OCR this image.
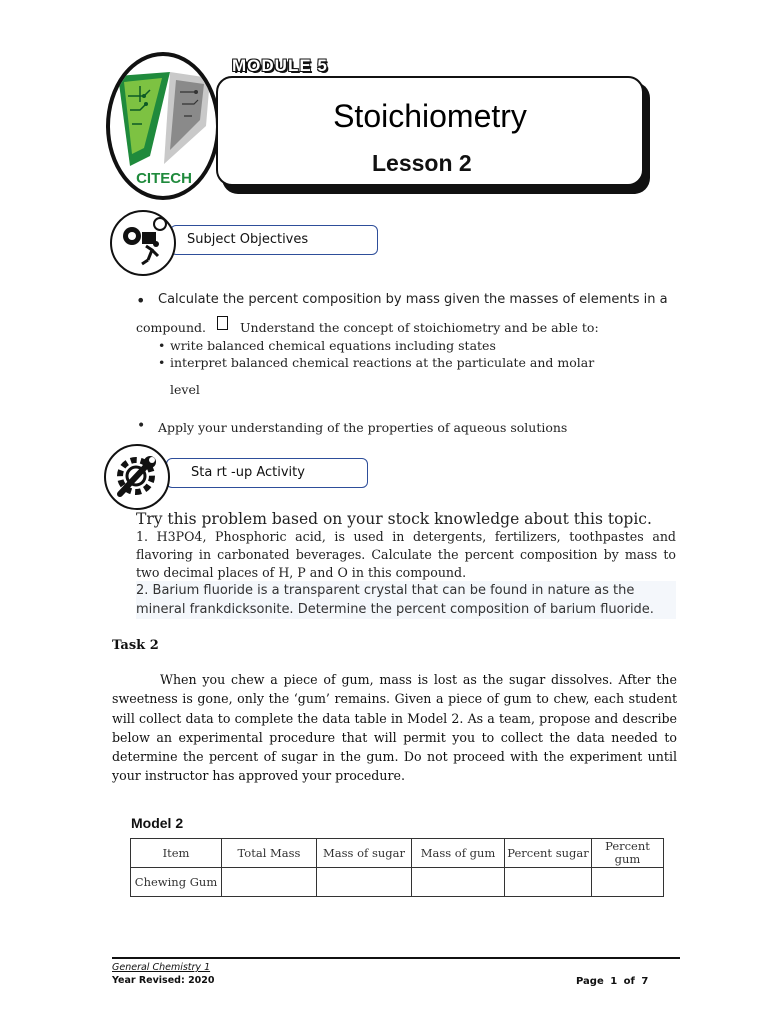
CITECH
MODULE 5
Stoichiometry
Lesson 2
Subject Objectives
• Calculate the percent composition by mass given the masses of elements in a
compound.	Understand the concept of stoichiometry and be able to:
• write balanced chemical equations including states
• interpret balanced chemical reactions at the particulate and molar
level
• Apply your understanding of the properties of aqueous solutions
Sta rt -up Activity
Try this problem based on your stock knowledge about this topic.
1. H3PO4, Phosphoric acid, is used in detergents, fertilizers, toothpastes and flavoring in carbonated beverages. Calculate the percent composition by mass to two decimal places of H, P and O in this compound.
2. Barium fluoride is a transparent crystal that can be found in nature as the mineral frankdicksonite. Determine the percent composition of barium fluoride.
Task 2
When you chew a piece of gum, mass is lost as the sugar dissolves. After the sweetness is gone, only the ‘gum’ remains. Given a piece of gum to chew, each student will collect data to complete the data table in Model 2. As a team, propose and describe below an experimental procedure that will permit you to collect the data needed to determine the percent of sugar in the gum. Do not proceed with the experiment until your instructor has approved your procedure.
Model 2
Item	Total Mass	Mass of sugar	Mass of gum	Percent sugar	Percent gum
Chewing Gum					
General Chemistry 1
Year Revised: 2020	Page 1 of 7
